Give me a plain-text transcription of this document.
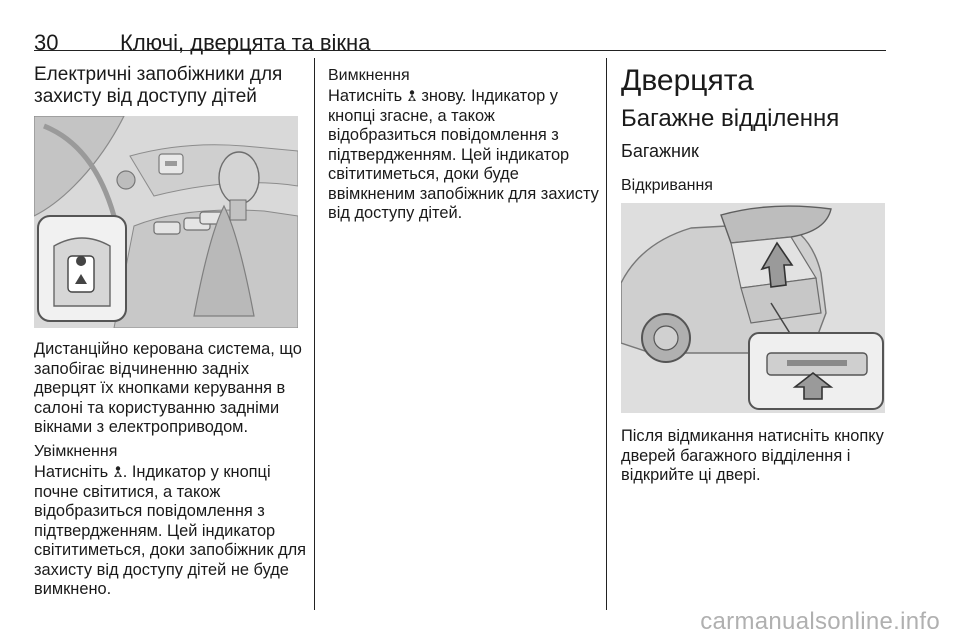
30	Ключі, дверцята та вікна
Електричні запобіжники для
захисту від доступу дітей

Дистанційно керована система, що

запобігає відчиненню задніх

дверцят їх кнопками керування в

салоні та користуванню задніми

вікнами з електроприводом.

Увімкнення

Натисніть . Індикатор у кнопці

почне світитися, а також

відобразиться повідомлення з

підтвердженням. Цей індикатор

світитиметься, доки запобіжник для

захисту від доступу дітей не буде

вимкнено.

Вимкнення

Натисніть знову. Індикатор у

кнопці згасне, а також

відобразиться повідомлення з

підтвердженням. Цей індикатор

світитиметься, доки буде

ввімкненим запобіжник для захисту

від доступу дітей.

Дверцята
Багажне відділення
Багажник
Відкривання

Після відмикання натисніть кнопку

дверей багажного відділення і

відкрийте ці двері.

carmanualsonline.info
